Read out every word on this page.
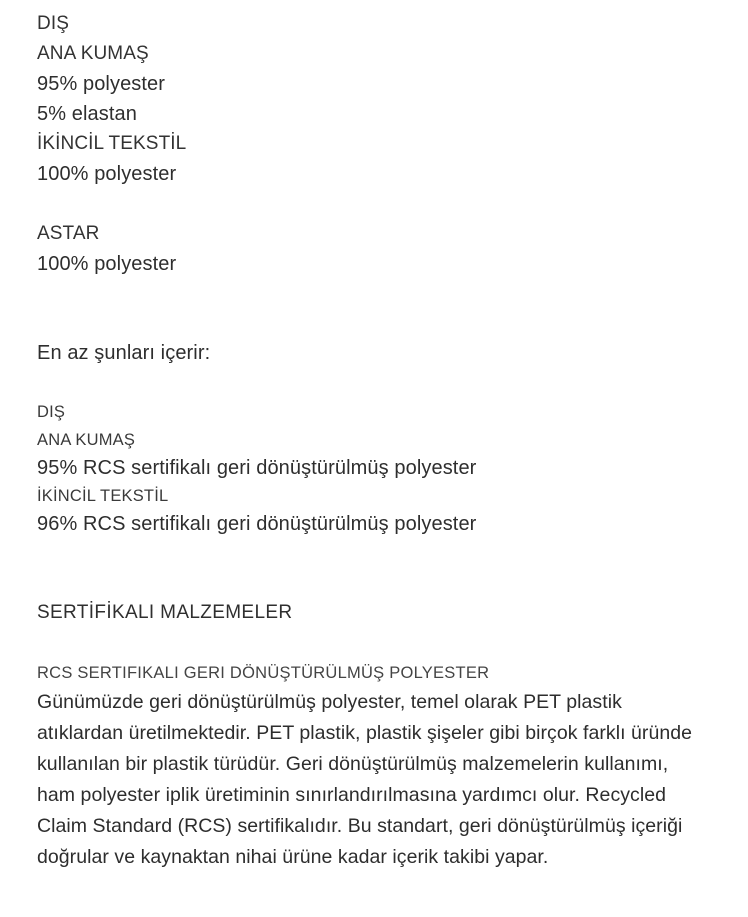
DIŞ
ANA KUMAŞ
95% polyester
5% elastan
İKİNCİL TEKSTİL
100% polyester
ASTAR
100% polyester
En az şunları içerir:
DIŞ
ANA KUMAŞ
95% RCS sertifikalı geri dönüştürülmüş polyester
İKİNCİL TEKSTİL
96% RCS sertifikalı geri dönüştürülmüş polyester
SERTİFİKALI MALZEMELER
RCS SERTIFIKALI GERI DÖNÜŞTÜRÜLMÜŞ POLYESTER

Günümüzde geri dönüştürülmüş polyester, temel olarak PET plastik atıklardan üretilmektedir. PET plastik, plastik şişeler gibi birçok farklı üründe kullanılan bir plastik türüdür. Geri dönüştürülmüş malzemelerin kullanımı, ham polyester iplik üretiminin sınırlandırılmasına yardımcı olur. Recycled Claim Standard (RCS) sertifikalıdır. Bu standart, geri dönüştürülmüş içeriği doğrular ve kaynaktan nihai ürüne kadar içerik takibi yapar.
